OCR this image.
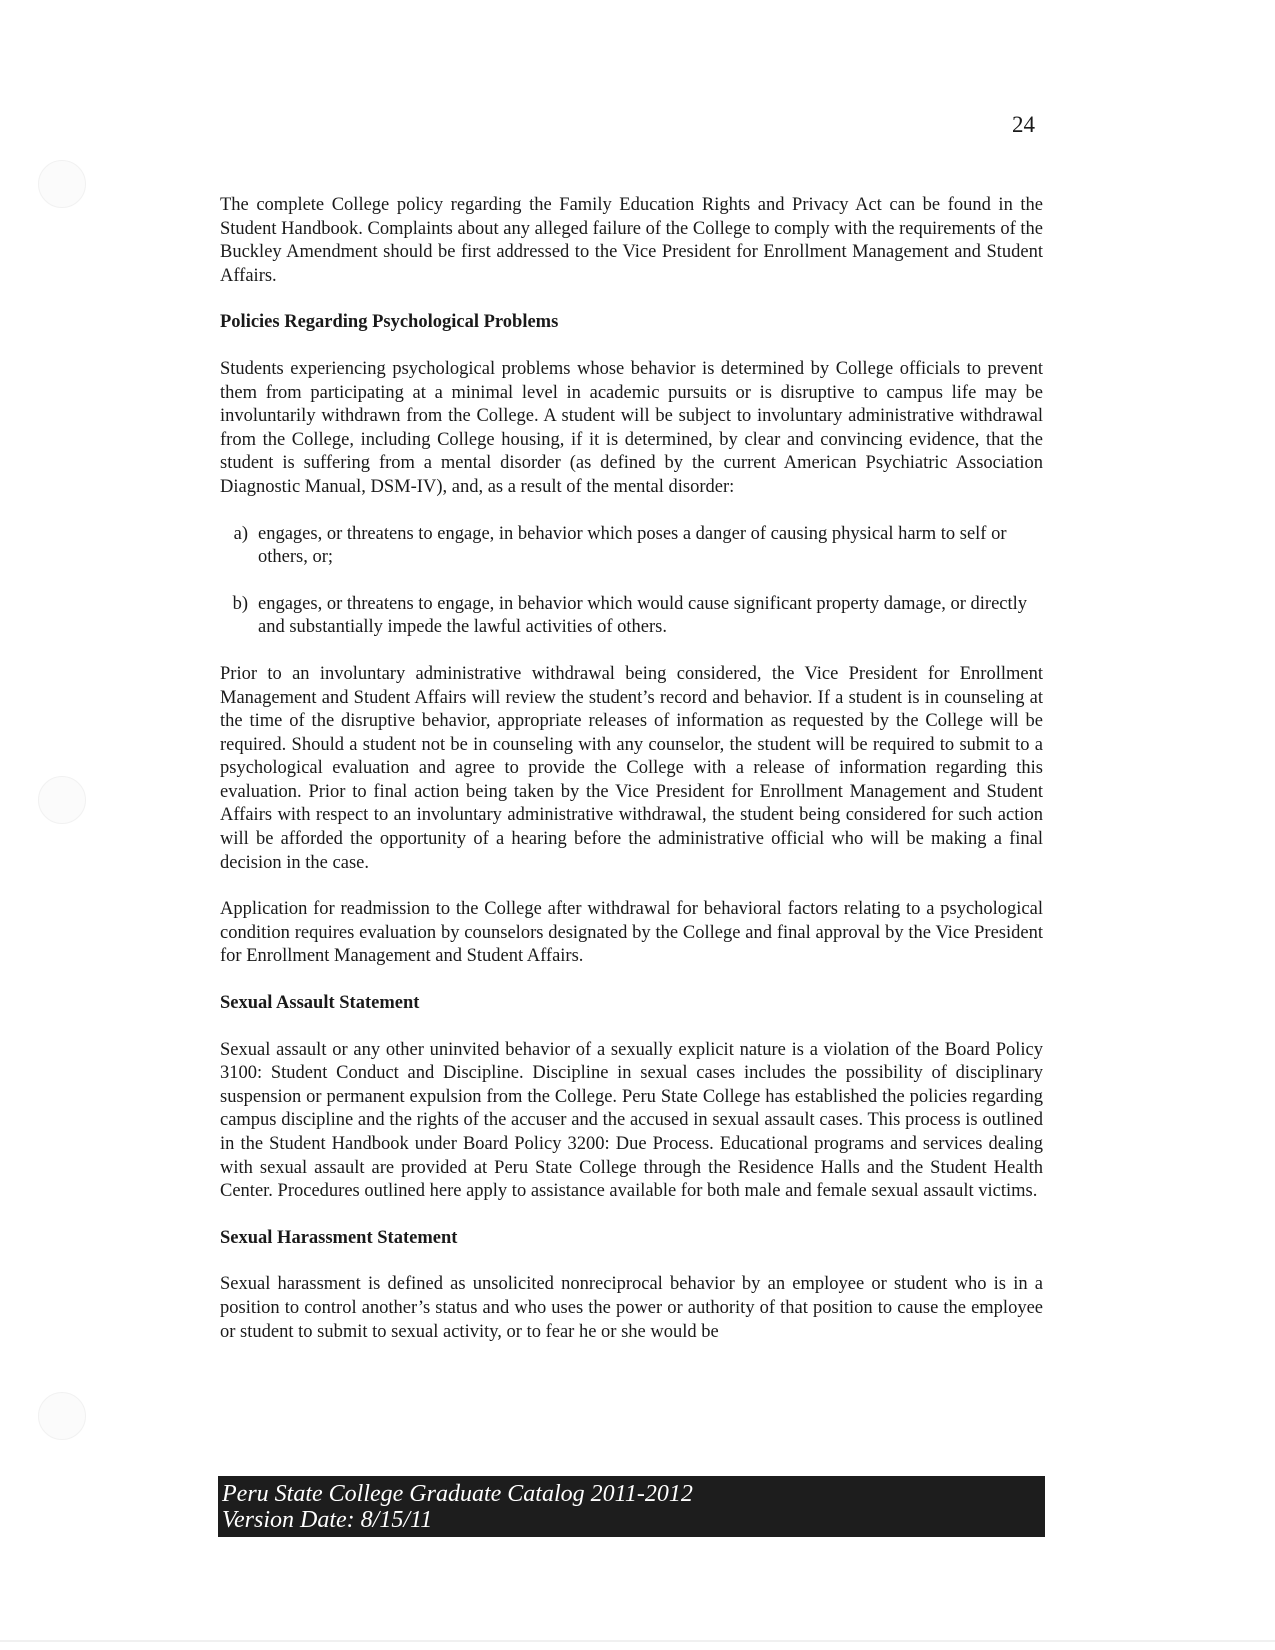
24

The complete College policy regarding the Family Education Rights and Privacy Act can be found in the Student Handbook. Complaints about any alleged failure of the College to comply with the requirements of the Buckley Amendment should be first addressed to the Vice President for Enrollment Management and Student Affairs.

Policies Regarding Psychological Problems

Students experiencing psychological problems whose behavior is determined by College officials to prevent them from participating at a minimal level in academic pursuits or is disruptive to campus life may be involuntarily withdrawn from the College. A student will be subject to involuntary administrative withdrawal from the College, including College housing, if it is determined, by clear and convincing evidence, that the student is suffering from a mental disorder (as defined by the current American Psychiatric Association Diagnostic Manual, DSM-IV), and, as a result of the mental disorder:

a) engages, or threatens to engage, in behavior which poses a danger of causing physical harm to self or others, or;
b) engages, or threatens to engage, in behavior which would cause significant property damage, or directly and substantially impede the lawful activities of others.

Prior to an involuntary administrative withdrawal being considered, the Vice President for Enrollment Management and Student Affairs will review the student’s record and behavior. If a student is in counseling at the time of the disruptive behavior, appropriate releases of information as requested by the College will be required. Should a student not be in counseling with any counselor, the student will be required to submit to a psychological evaluation and agree to provide the College with a release of information regarding this evaluation. Prior to final action being taken by the Vice President for Enrollment Management and Student Affairs with respect to an involuntary administrative withdrawal, the student being considered for such action will be afforded the opportunity of a hearing before the administrative official who will be making a final decision in the case.

Application for readmission to the College after withdrawal for behavioral factors relating to a psychological condition requires evaluation by counselors designated by the College and final approval by the Vice President for Enrollment Management and Student Affairs.

Sexual Assault Statement

Sexual assault or any other uninvited behavior of a sexually explicit nature is a violation of the Board Policy 3100: Student Conduct and Discipline. Discipline in sexual cases includes the possibility of disciplinary suspension or permanent expulsion from the College. Peru State College has established the policies regarding campus discipline and the rights of the accuser and the accused in sexual assault cases. This process is outlined in the Student Handbook under Board Policy 3200: Due Process. Educational programs and services dealing with sexual assault are provided at Peru State College through the Residence Halls and the Student Health Center. Procedures outlined here apply to assistance available for both male and female sexual assault victims.

Sexual Harassment Statement

Sexual harassment is defined as unsolicited nonreciprocal behavior by an employee or student who is in a position to control another’s status and who uses the power or authority of that position to cause the employee or student to submit to sexual activity, or to fear he or she would be

Peru State College Graduate Catalog 2011-2012
Version Date: 8/15/11
